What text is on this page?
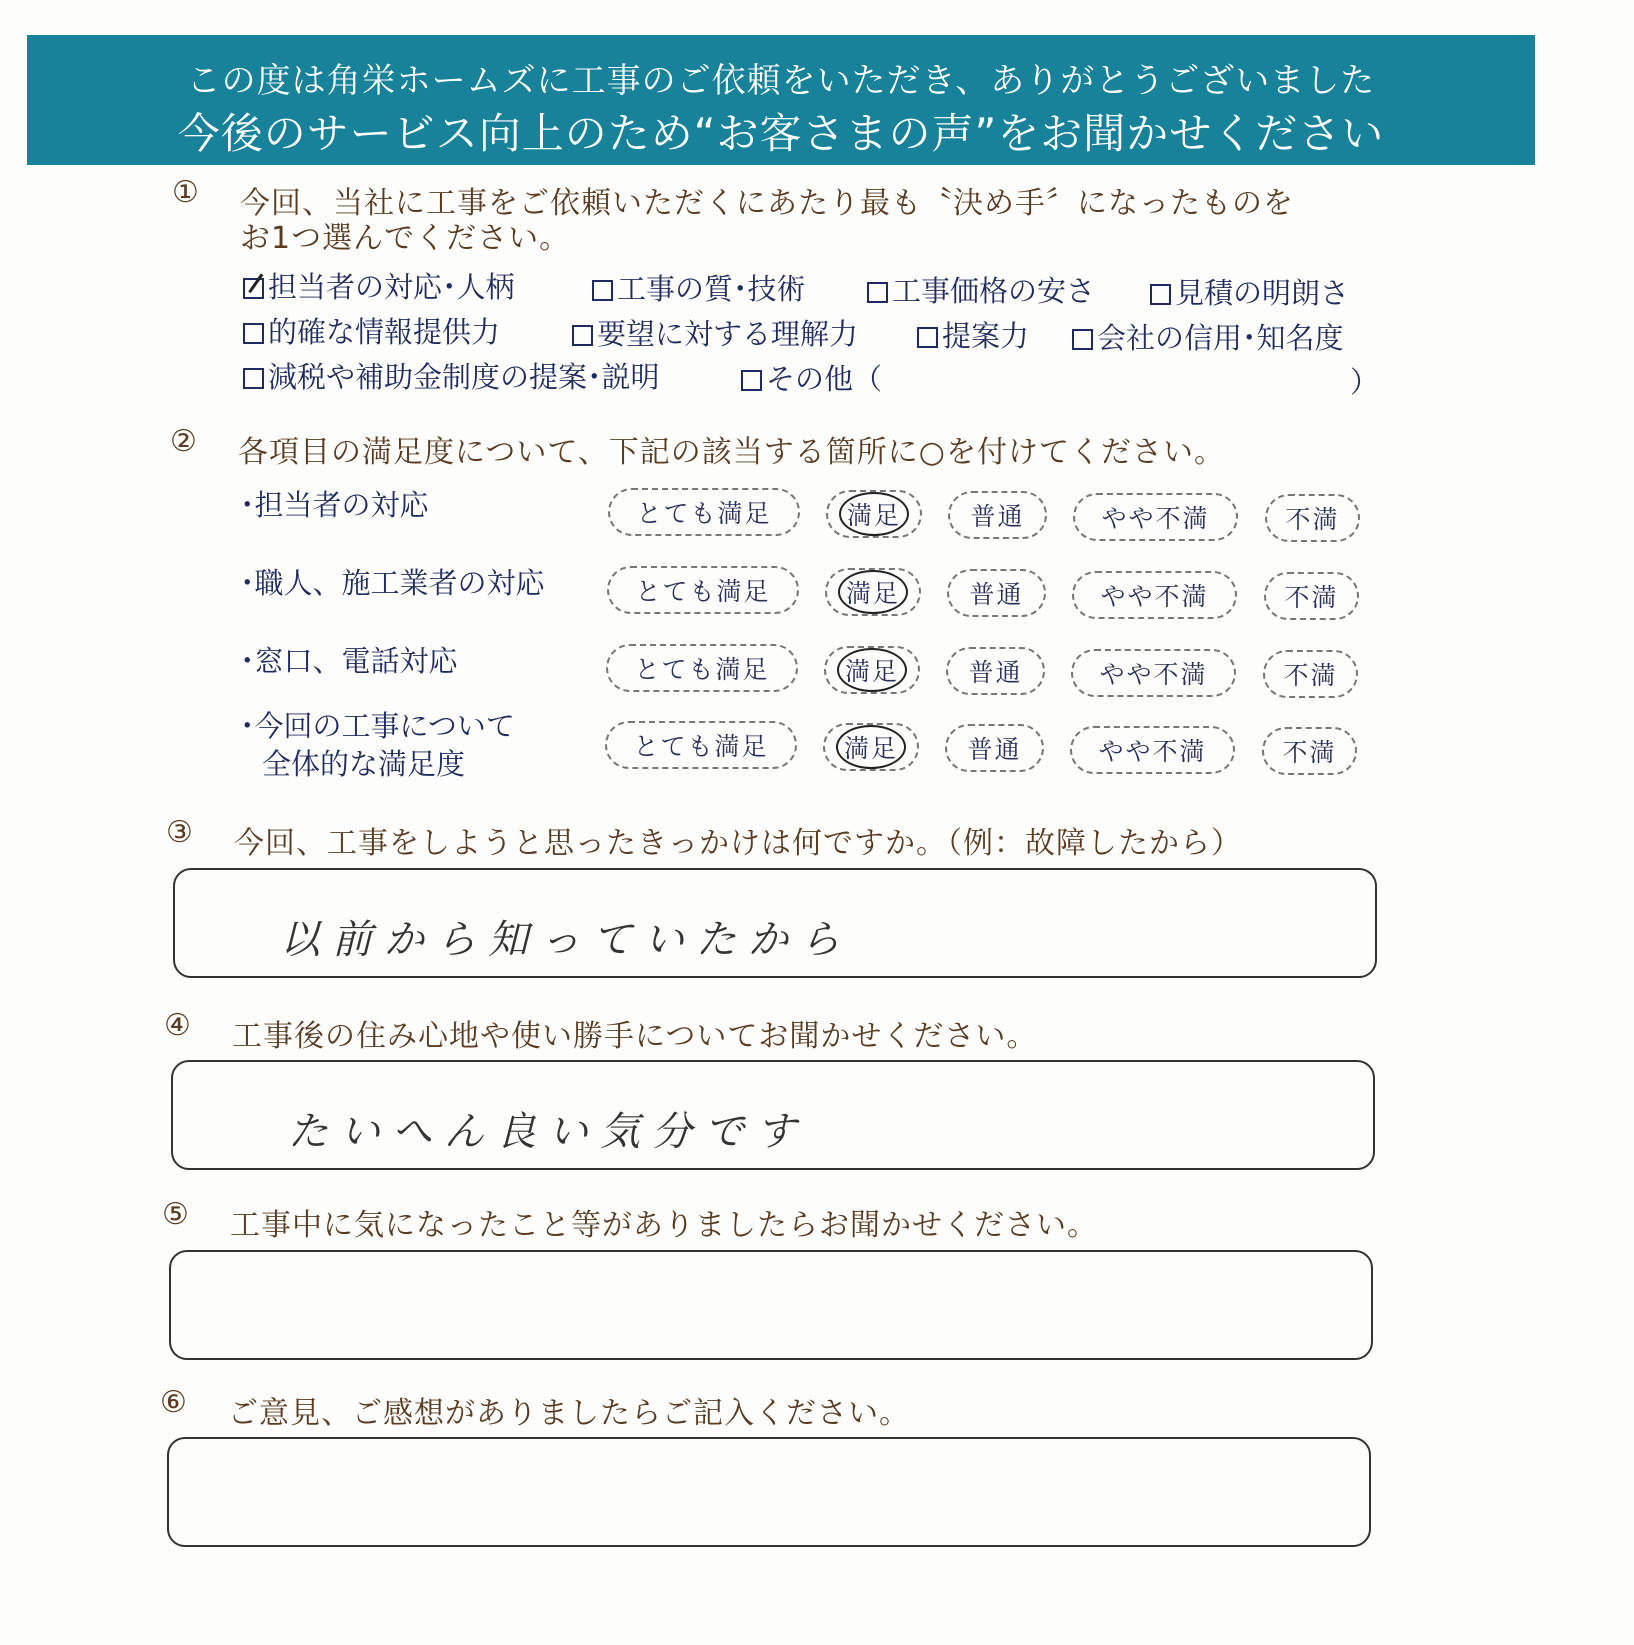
この度は角栄ホームズに工事のご依頼をいただき、ありがとうございました
今後のサービス向上のため“お客さまの声”をお聞かせください
① 今回、当社に工事をご依頼いただくにあたり最も〝決め手〞になったものを
お1つ選んでください。
担当者の対応･人柄	工事の質･技術	工事価格の安さ	見積の明朗さ
的確な情報提供力	要望に対する理解力	提案力	会社の信用･知名度
減税や補助金制度の提案･説明	その他（	）
② 各項目の満足度について、下記の該当する箇所に○を付けてください。
･担当者の対応	とても満足	満足	普通	やや不満	不満
･職人、施工業者の対応	とても満足	満足	普通	やや不満	不満
･窓口、電話対応	とても満足	満足	普通	やや不満	不満
･今回の工事について
全体的な満足度
とても満足	満足	普通	やや不満	不満
③ 今回、工事をしようと思ったきっかけは何ですか。（例：故障したから）
以前から知っていたから
④ 工事後の住み心地や使い勝手についてお聞かせください。
たいへん良い気分です
⑤ 工事中に気になったこと等がありましたらお聞かせください。
⑥ ご意見、ご感想がありましたらご記入ください。
